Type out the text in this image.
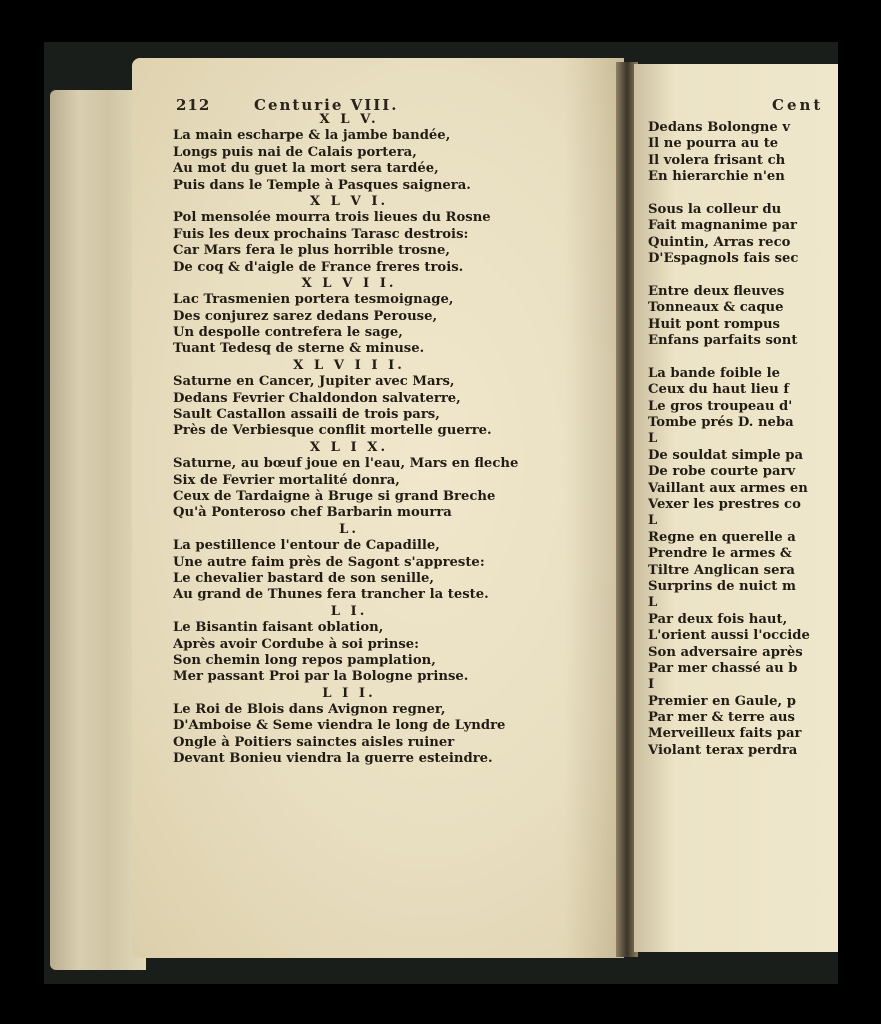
212	Centurie VIII.	Cent
X L V.
La main escharpe & la jambe bandée,
Longs puis nai de Calais portera,
Au mot du guet la mort sera tardée,
Puis dans le Temple à Pasques saignera.
X L V I.
Pol mensolée mourra trois lieues du Rosne
Fuis les deux prochains Tarasc destrois:
Car Mars fera le plus horrible trosne,
De coq & d'aigle de France freres trois.
X L V I I.
Lac Trasmenien portera tesmoignage,
Des conjurez sarez dedans Perouse,
Un despolle contrefera le sage,
Tuant Tedesq de sterne & minuse.
X L V I I I.
Saturne en Cancer, Jupiter avec Mars,
Dedans Fevrier Chaldondon salvaterre,
Sault Castallon assaili de trois pars,
Près de Verbiesque conflit mortelle guerre.
X L I X.
Saturne, au bœuf joue en l'eau, Mars en fleche
Six de Fevrier mortalité donra,
Ceux de Tardaigne à Bruge si grand Breche
Qu'à Ponteroso chef Barbarin mourra
L.
La pestillence l'entour de Capadille,
Une autre faim près de Sagont s'appreste:
Le chevalier bastard de son senille,
Au grand de Thunes fera trancher la teste.
L I.
Le Bisantin faisant oblation,
Après avoir Cordube à soi prinse:
Son chemin long repos pamplation,
Mer passant Proi par la Bologne prinse.
L I I.
Le Roi de Blois dans Avignon regner,
D'Amboise & Seme viendra le long de Lyndre
Ongle à Poitiers sainctes aisles ruiner
Devant Bonieu viendra la guerre esteindre.
Dedans Bolongne v
Il ne pourra au te
Il volera frisant ch
En hierarchie n'en
Sous la colleur du
Fait magnanime par
Quintin, Arras reco
D'Espagnols fais sec
Entre deux fleuves
Tonneaux & caque
Huit pont rompus
Enfans parfaits sont
La bande foible le
Ceux du haut lieu f
Le gros troupeau d'
Tombe prés D. neba
L
De souldat simple pa
De robe courte parv
Vaillant aux armes en
Vexer les prestres co
L
Regne en querelle a
Prendre le armes &
Tiltre Anglican sera
Surprins de nuict m
L
Par deux fois haut,
L'orient aussi l'occide
Son adversaire après
Par mer chassé au b
I
Premier en Gaule, p
Par mer & terre aus
Merveilleux faits par
Violant terax perdra
